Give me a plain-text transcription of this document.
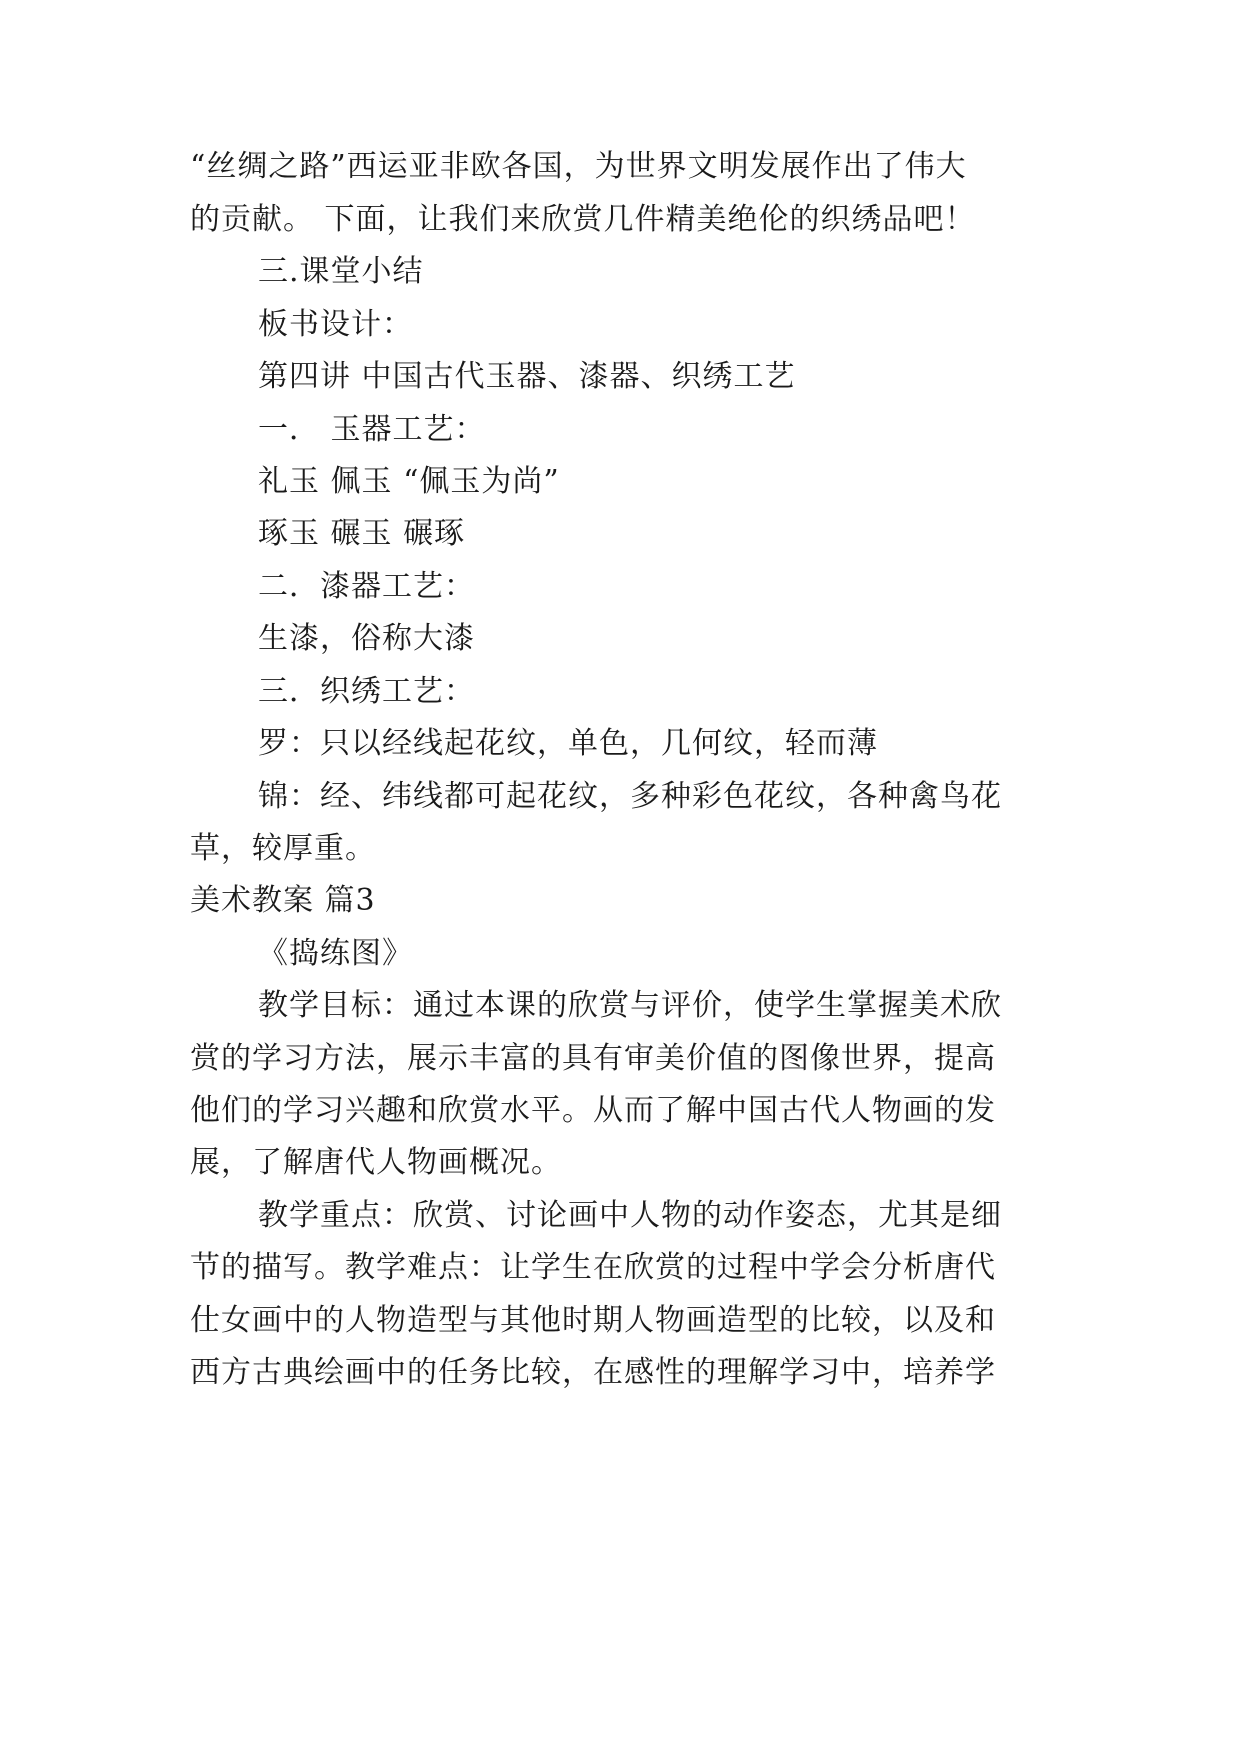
“丝绸之路”西运亚非欧各国，为世界文明发展作出了伟大
的贡献。 下面，让我们来欣赏几件精美绝伦的织绣品吧！
三.课堂小结
板书设计：
第四讲 中国古代玉器、漆器、织绣工艺
一． 玉器工艺：
礼玉 佩玉 “佩玉为尚”
琢玉 碾玉 碾琢
二．漆器工艺：
生漆，俗称大漆
三．织绣工艺：
罗：只以经线起花纹，单色，几何纹，轻而薄
锦：经、纬线都可起花纹，多种彩色花纹，各种禽鸟花
草，较厚重。
美术教案 篇3
《捣练图》
教学目标：通过本课的欣赏与评价，使学生掌握美术欣
赏的学习方法，展示丰富的具有审美价值的图像世界，提高
他们的学习兴趣和欣赏水平。从而了解中国古代人物画的发
展，了解唐代人物画概况。
教学重点：欣赏、讨论画中人物的动作姿态，尤其是细
节的描写。教学难点：让学生在欣赏的过程中学会分析唐代
仕女画中的人物造型与其他时期人物画造型的比较，以及和
西方古典绘画中的任务比较，在感性的理解学习中，培养学
